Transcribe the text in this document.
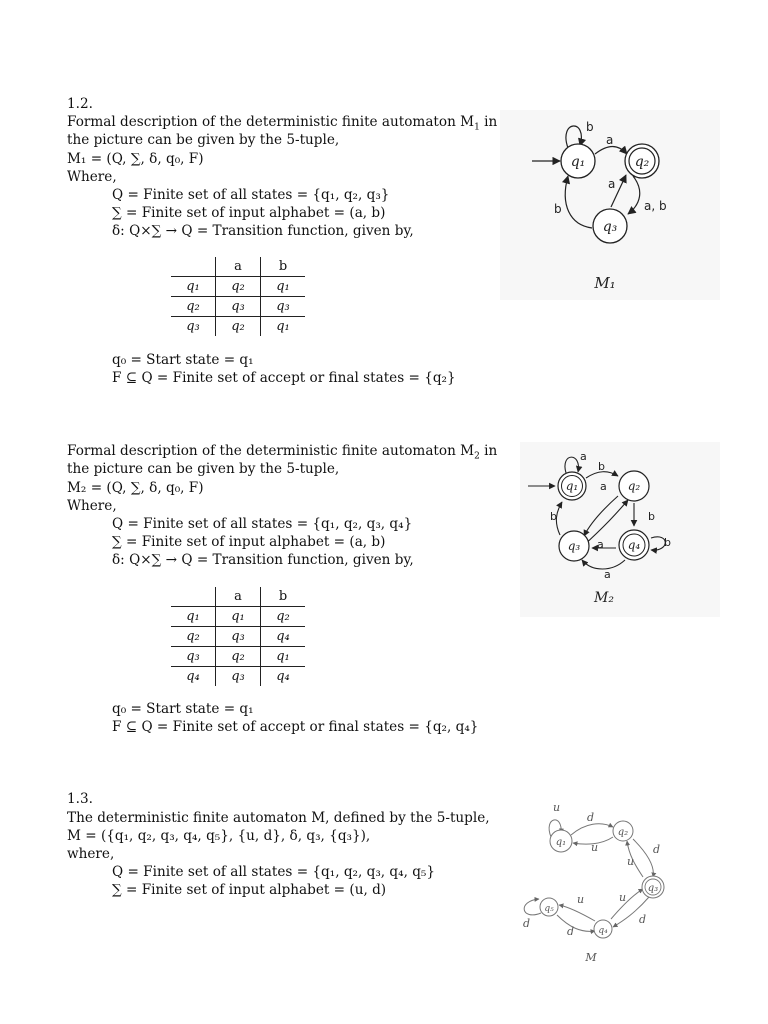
1.2.
Formal description of the deterministic finite automaton $M_1$ in
the picture can be given by the 5-tuple,
M₁ = (Q, ∑, δ, q₀, F)
Where,
Q = Finite set of all states = {q₁, q₂, q₃}
∑ = Finite set of input alphabet = (a, b)
δ: Q×∑ → Q = Transition function, given by,
	a	b
q₁	q₂	q₁
q₂	q₃	q₃
q₃	q₂	q₁
q₀ = Start state = q₁
F ⊆ Q = Finite set of accept or final states = {q₂}
b
a
a, b
a
b
q₁	q₂
q₃
M₁
Formal description of the deterministic finite automaton $M_2$ in
the picture can be given by the 5-tuple,
M₂ = (Q, ∑, δ, q₀, F)
Where,
Q = Finite set of all states = {q₁, q₂, q₃, q₄}
∑ = Finite set of input alphabet = (a, b)
δ: Q×∑ → Q = Transition function, given by,
	a	b
q₁	q₁	q₂
q₂	q₃	q₄
q₃	q₂	q₁
q₄	q₃	q₄
q₀ = Start state = q₁
F ⊆ Q = Finite set of accept or final states = {q₂, q₄}
a
b
a
b	b
b
a
a
q₁	q₂
q₃	q₄
M₂
1.3.
The deterministic finite automaton M, defined by the 5-tuple,
M = ({q₁, q₂, q₃, q₄, q₅}, {u, d}, δ, q₃, {q₃}),
where,
Q = Finite set of all states = {q₁, q₂, q₃, q₄, q₅}
∑ = Finite set of input alphabet = (u, d)
u
d
u	d
u
d
u
u
d
d
q₁
q₂
q₃
q₄
q₅
M
